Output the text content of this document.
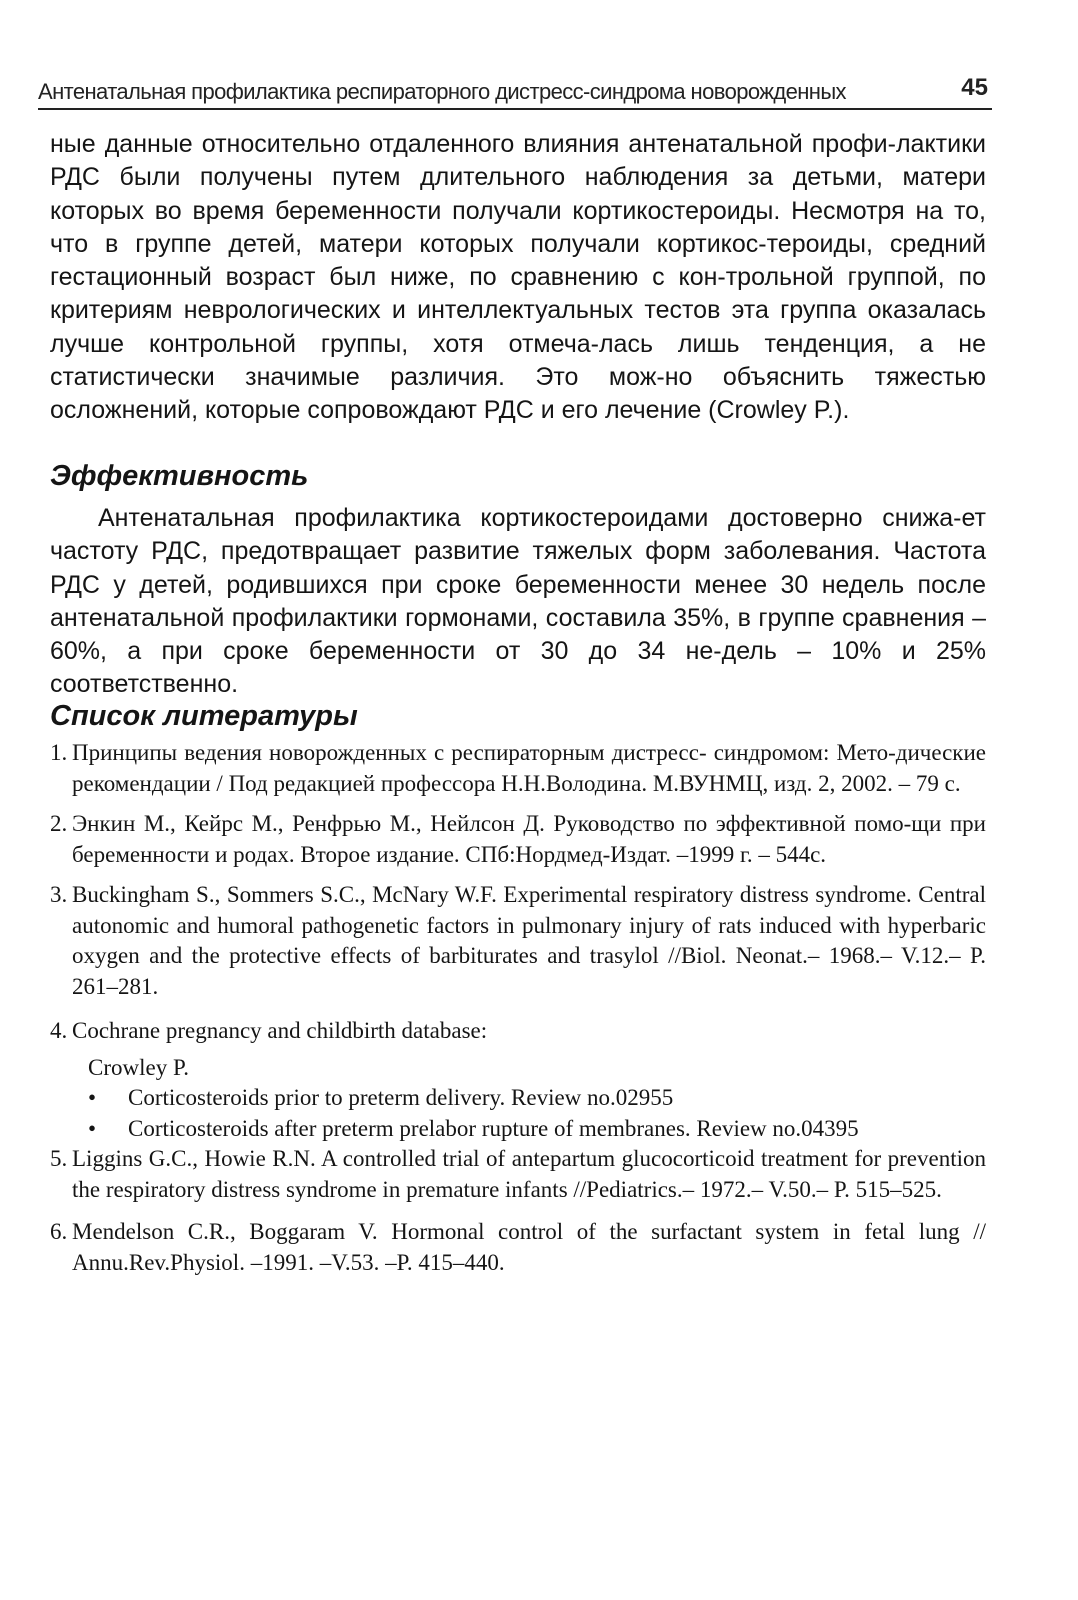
Антенатальная профилактика респираторного дистресс-синдрома новорожденных	45
ные данные относительно отдаленного влияния антенатальной профи-лактики РДС были получены путем длительного наблюдения за детьми, матери которых во время беременности получали кортикостероиды. Несмотря на то, что в группе детей, матери которых получали кортикос-тероиды, средний гестационный возраст был ниже, по сравнению с кон-трольной группой, по критериям неврологических и интеллектуальных тестов эта группа оказалась лучше контрольной группы, хотя отмеча-лась лишь тенденция, а не статистически значимые различия. Это мож-но объяснить тяжестью осложнений, которые сопровождают РДС и его лечение (Crowley P.).
Эффективность
Антенатальная профилактика кортикостероидами достоверно снижа-ет частоту РДС, предотвращает развитие тяжелых форм заболевания. Частота РДС у детей, родившихся при сроке беременности менее 30 недель после антенатальной профилактики гормонами, составила 35%, в группе сравнения – 60%, а при сроке беременности от 30 до 34 не-дель – 10% и 25% соответственно.
Список литературы
1. Принципы ведения новорожденных с респираторным дистресс- синдромом: Мето-дические рекомендации / Под редакцией профессора Н.Н.Володина. М.ВУНМЦ, изд. 2, 2002. – 79 с.
2. Энкин М., Кейрс М., Ренфрью М., Нейлсон Д. Руководство по эффективной помо-щи при беременности и родах. Второе издание. СПб:Нордмед-Издат. –1999 г. – 544с.
3. Buckingham S., Sommers S.C., McNary W.F. Experimental respiratory distress syndrome. Central autonomic and humoral pathogenetic factors in pulmonary injury of rats induced with hyperbaric oxygen and the protective effects of barbiturates and trasylol //Biol. Neonat.– 1968.– V.12.– P. 261–281.
4. Cochrane pregnancy and childbirth database:
Crowley P.
• Corticosteroids prior to preterm delivery. Review no.02955
• Corticosteroids after preterm prelabor rupture of membranes. Review no.04395
5. Liggins G.C., Howie R.N. A controlled trial of antepartum glucocorticoid treatment for prevention the respiratory distress syndrome in premature infants //Pediatrics.– 1972.– V.50.– P. 515–525.
6. Mendelson C.R., Boggaram V. Hormonal control of the surfactant system in fetal lung // Annu.Rev.Physiol. –1991. –V.53. –P. 415–440.
